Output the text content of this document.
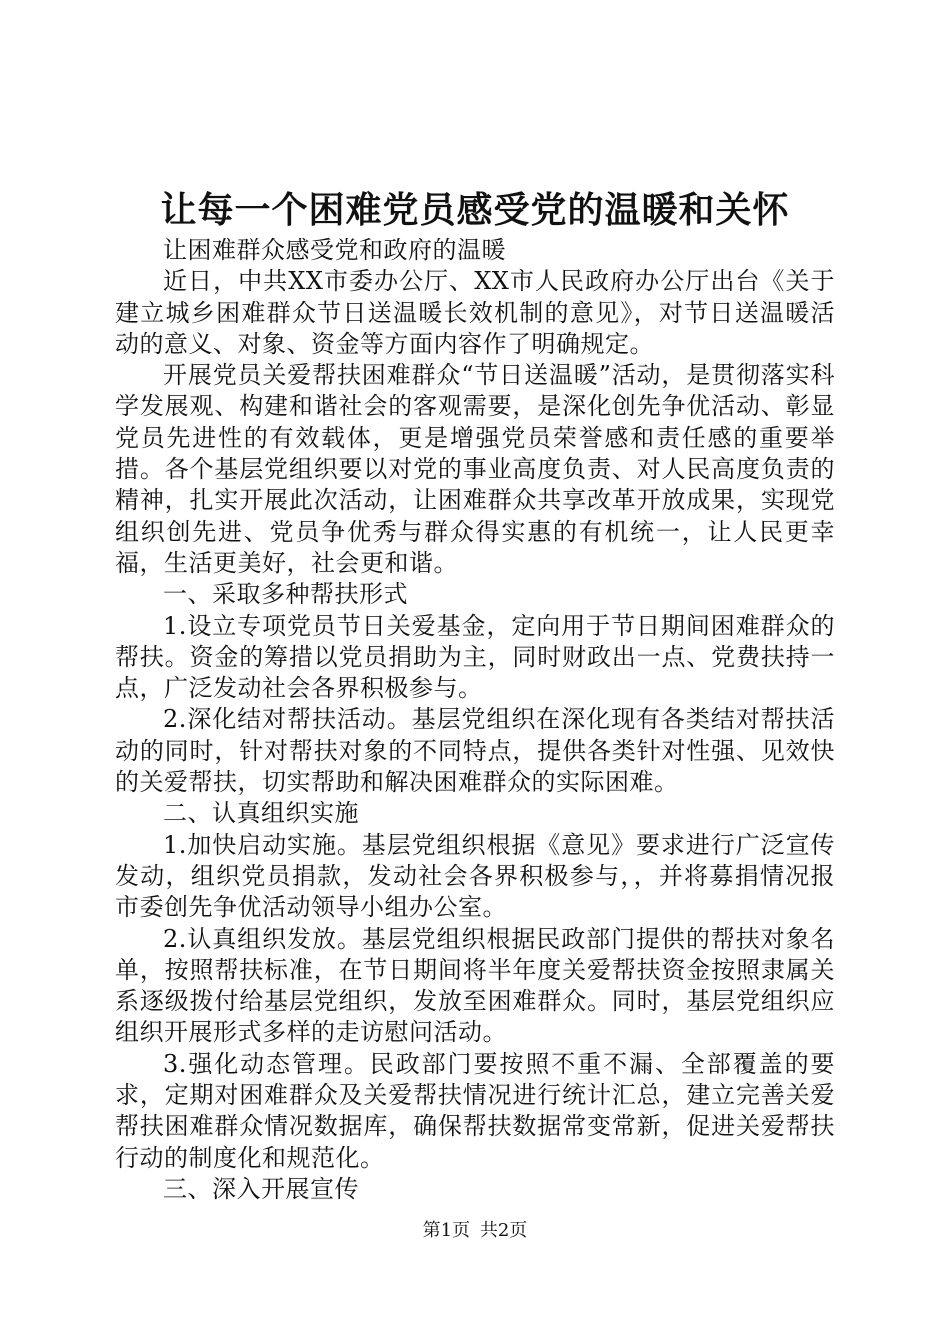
让每一个困难党员感受党的温暖和关怀

让困难群众感受党和政府的温暖

近日，中共XX市委办公厅、XX市人民政府办公厅出台《关于建立城乡困难群众节日送温暖长效机制的意见》，对节日送温暖活动的意义、对象、资金等方面内容作了明确规定。

开展党员关爱帮扶困难群众“节日送温暖”活动，是贯彻落实科学发展观、构建和谐社会的客观需要，是深化创先争优活动、彰显党员先进性的有效载体，更是增强党员荣誉感和责任感的重要举措。各个基层党组织要以对党的事业高度负责、对人民高度负责的精神，扎实开展此次活动，让困难群众共享改革开放成果，实现党组织创先进、党员争优秀与群众得实惠的有机统一，让人民更幸福，生活更美好，社会更和谐。

一、采取多种帮扶形式

1.设立专项党员节日关爱基金，定向用于节日期间困难群众的帮扶。资金的筹措以党员捐助为主，同时财政出一点、党费扶持一点，广泛发动社会各界积极参与。

2.深化结对帮扶活动。基层党组织在深化现有各类结对帮扶活动的同时，针对帮扶对象的不同特点，提供各类针对性强、见效快的关爱帮扶，切实帮助和解决困难群众的实际困难。

二、认真组织实施

1.加快启动实施。基层党组织根据《意见》要求进行广泛宣传发动，组织党员捐款，发动社会各界积极参与，，并将募捐情况报市委创先争优活动领导小组办公室。

2.认真组织发放。基层党组织根据民政部门提供的帮扶对象名单，按照帮扶标准，在节日期间将半年度关爱帮扶资金按照隶属关系逐级拨付给基层党组织，发放至困难群众。同时，基层党组织应组织开展形式多样的走访慰问活动。

3.强化动态管理。民政部门要按照不重不漏、全部覆盖的要求，定期对困难群众及关爱帮扶情况进行统计汇总，建立完善关爱帮扶困难群众情况数据库，确保帮扶数据常变常新，促进关爱帮扶行动的制度化和规范化。

三、深入开展宣传

第1页 共2页
